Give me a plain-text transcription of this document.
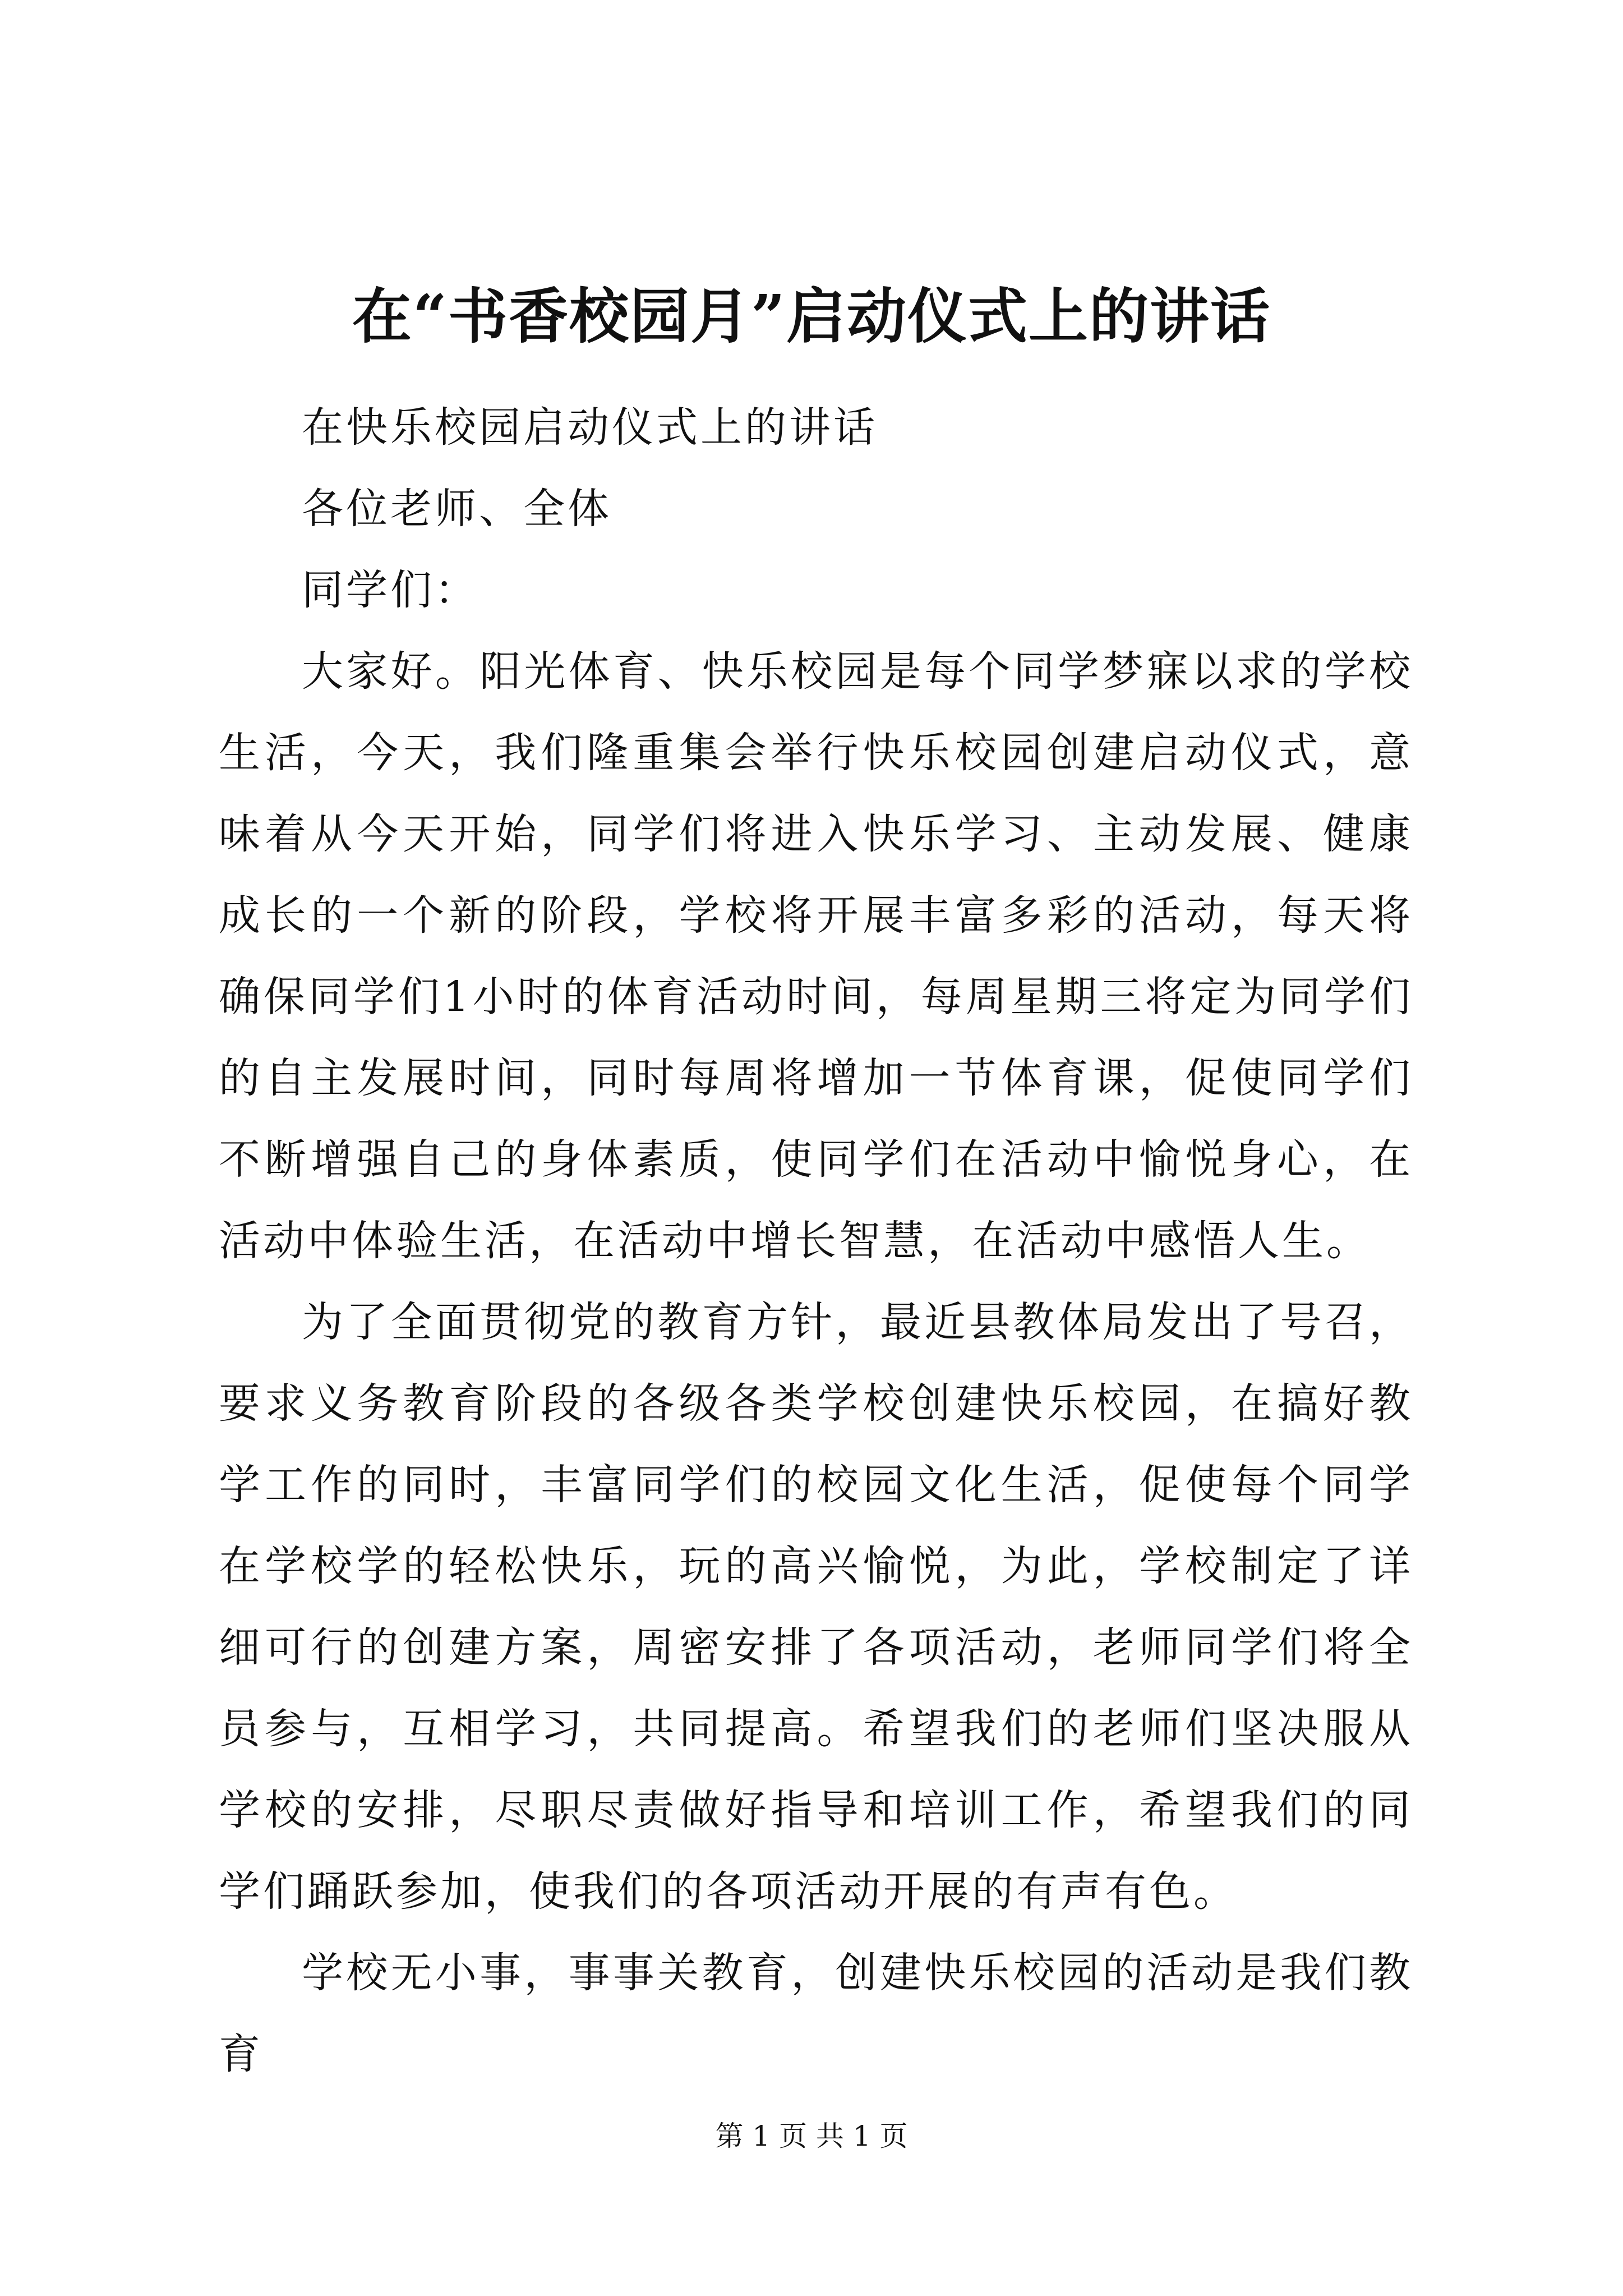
在“书香校园月”启动仪式上的讲话

在快乐校园启动仪式上的讲话

各位老师、全体

同学们：

大家好。阳光体育、快乐校园是每个同学梦寐以求的学校生活，今天，我们隆重集会举行快乐校园创建启动仪式，意味着从今天开始，同学们将进入快乐学习、主动发展、健康成长的一个新的阶段，学校将开展丰富多彩的活动，每天将确保同学们1小时的体育活动时间，每周星期三将定为同学们的自主发展时间，同时每周将增加一节体育课，促使同学们不断增强自己的身体素质，使同学们在活动中愉悦身心，在活动中体验生活，在活动中增长智慧，在活动中感悟人生。

为了全面贯彻党的教育方针，最近县教体局发出了号召，要求义务教育阶段的各级各类学校创建快乐校园，在搞好教学工作的同时，丰富同学们的校园文化生活，促使每个同学在学校学的轻松快乐，玩的高兴愉悦，为此，学校制定了详细可行的创建方案，周密安排了各项活动，老师同学们将全员参与，互相学习，共同提高。希望我们的老师们坚决服从学校的安排，尽职尽责做好指导和培训工作，希望我们的同学们踊跃参加，使我们的各项活动开展的有声有色。

学校无小事，事事关教育，创建快乐校园的活动是我们教育

第 1 页 共 1 页
